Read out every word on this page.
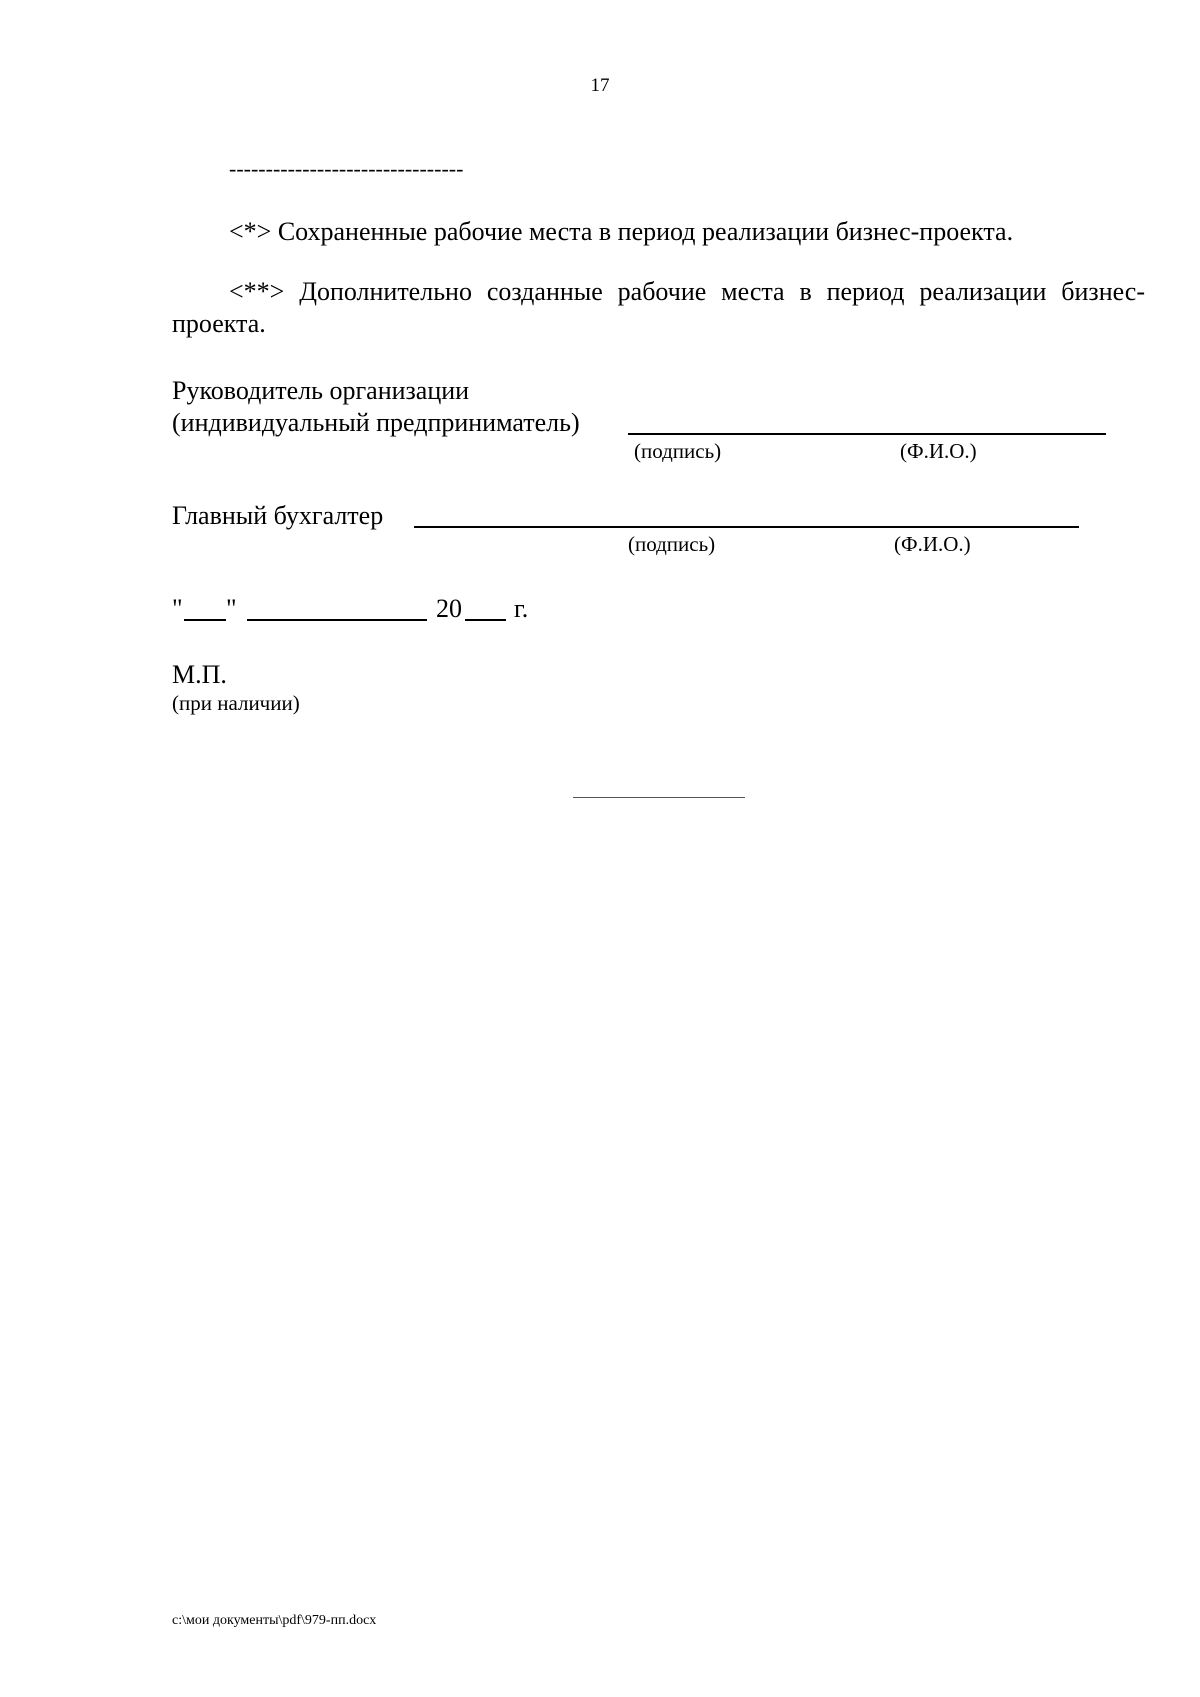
17
--------------------------------
<*> Сохраненные рабочие места в период реализации бизнес-проекта.
<**> Дополнительно созданные рабочие места в период реализации бизнес-проекта.
Руководитель организации
(индивидуальный предприниматель)
(подпись)	(Ф.И.О.)
Главный бухгалтер
(подпись)	(Ф.И.О.)
" "	20 г.
М.П.
(при наличии)
c:\мои документы\pdf\979-пп.docx
